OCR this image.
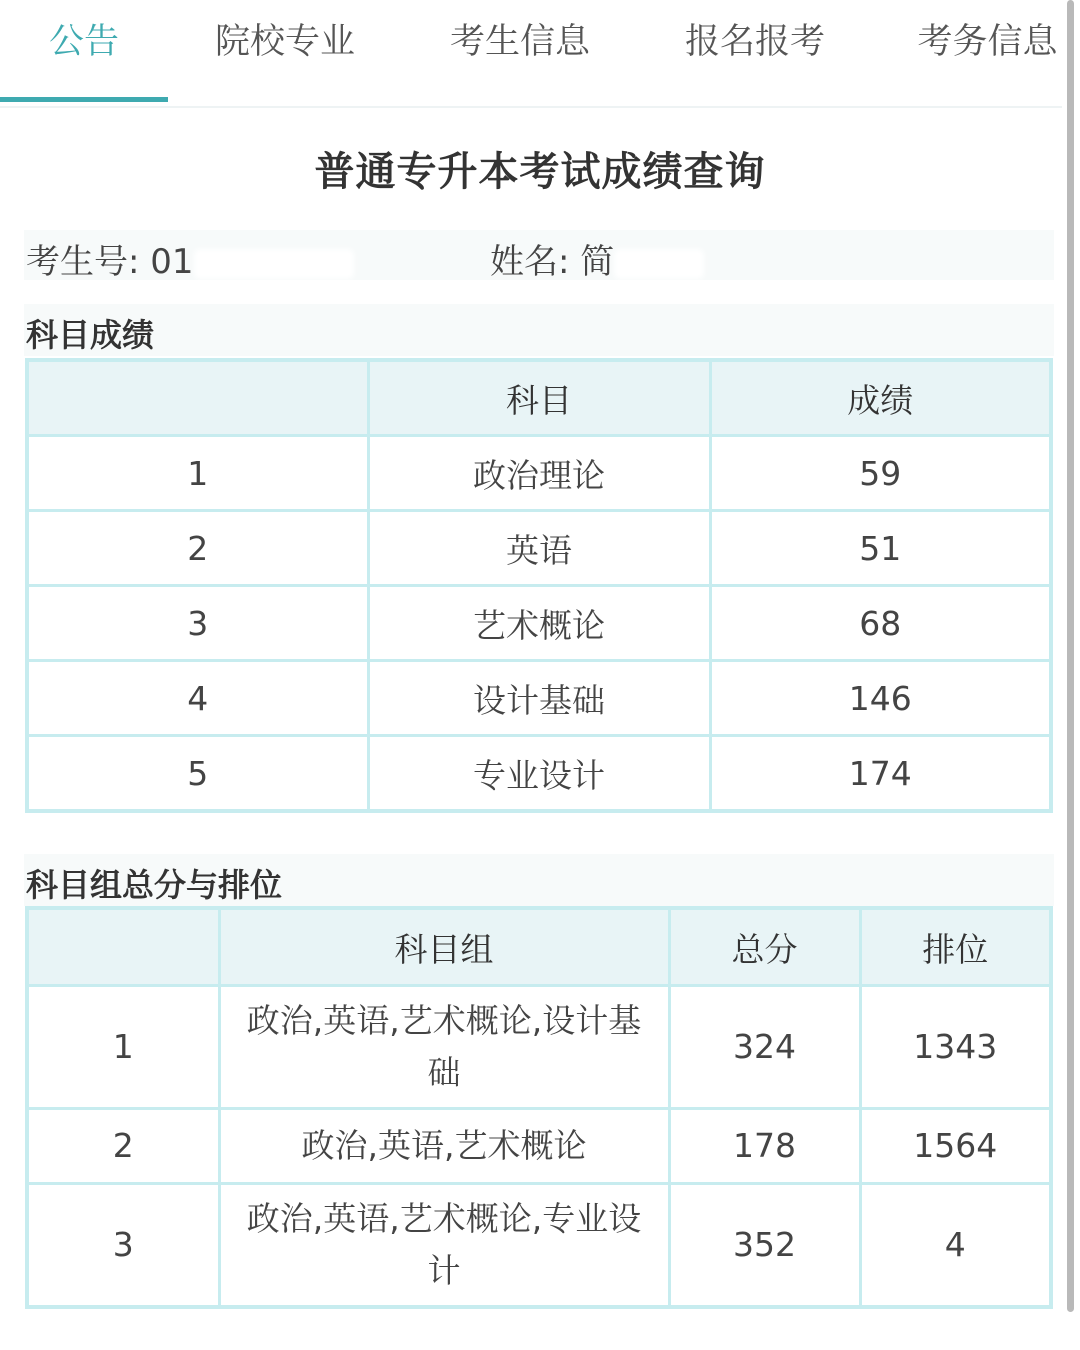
公告	院校专业	考生信息	报名报考	考务信息
普通专升本考试成绩查询
考生号: 01	姓名: 简
科目成绩
	科目	成绩
1	政治理论	59
2	英语	51
3	艺术概论	68
4	设计基础	146
5	专业设计	174
科目组总分与排位
	科目组	总分	排位
1	政治,英语,艺术概论,设计基础	324	1343
2	政治,英语,艺术概论	178	1564
3	政治,英语,艺术概论,专业设计	352	4
